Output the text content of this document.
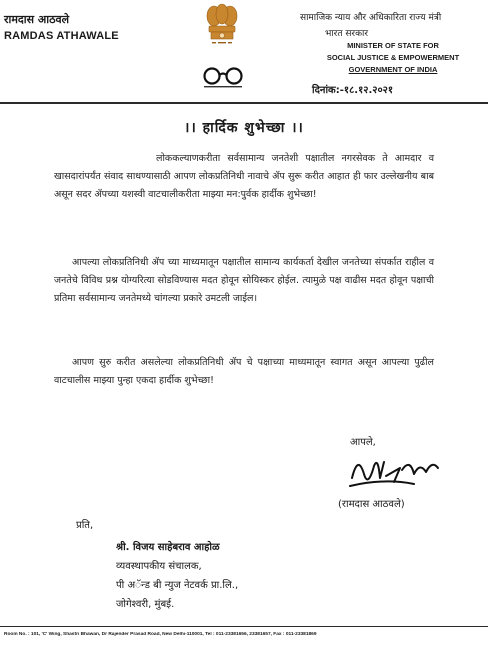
रामदास आठवले
RAMDAS ATHAWALE
सामाजिक न्याय और अधिकारिता राज्य मंत्री
भारत सरकार
MINISTER OF STATE FOR
SOCIAL JUSTICE & EMPOWERMENT
GOVERNMENT OF INDIA
दिनांक:-१८.१२.२०२१
।। हार्दिक शुभेच्छा ।।
लोककल्याणकरीता सर्वसामान्य जनतेशी पक्षातील नगरसेवक ते आमदार व खासदारांपर्यंत संवाद साधण्यासाठी आपण लोकप्रतिनिधी नावाचे ॲप सुरू करीत आहात ही फार उल्लेखनीय बाब असून सदर ॲपच्या यशस्वी वाटचालीकरीता माझ्या मन:पुर्वक हार्दीक शुभेच्छा!
आपल्या लोकप्रतिनिधी ॲप च्या माध्यमातून पक्षातील सामान्य कार्यकर्ता देखील जनतेच्या संपर्कात राहील व जनतेचे विविध प्रश्न योग्यरित्या सोडविण्यास मदत होवून सोयिस्कर होईल. त्यामुळे पक्ष वाढीस मदत होवून पक्षाची प्रतिमा सर्वसामान्य जनतेमध्ये चांगल्या प्रकारे उमटली जाईल।
आपण सुरु करीत असलेल्या लोकप्रतिनिधी ॲप चे पक्षाच्या माध्यमातून स्वागत असून आपल्या पुढील वाटचालीस माझ्या पुन्हा एकदा हार्दीक शुभेच्छा!
आपले,
(रामदास आठवले)
प्रति,
श्री. विजय साहेबराव आहोळ
व्यवस्थापकीय संचालक,
पी अॅन्ड बी न्युज नेटवर्क प्रा.लि.,
जोगेश्वरी, मुंबई.
Room No. : 101, 'C' Wing, Shastri Bhawan, Dr Rajender Prasad Road, New Delhi-110001, Tel : 011-23381656, 23381657, Fax : 011-23381869
